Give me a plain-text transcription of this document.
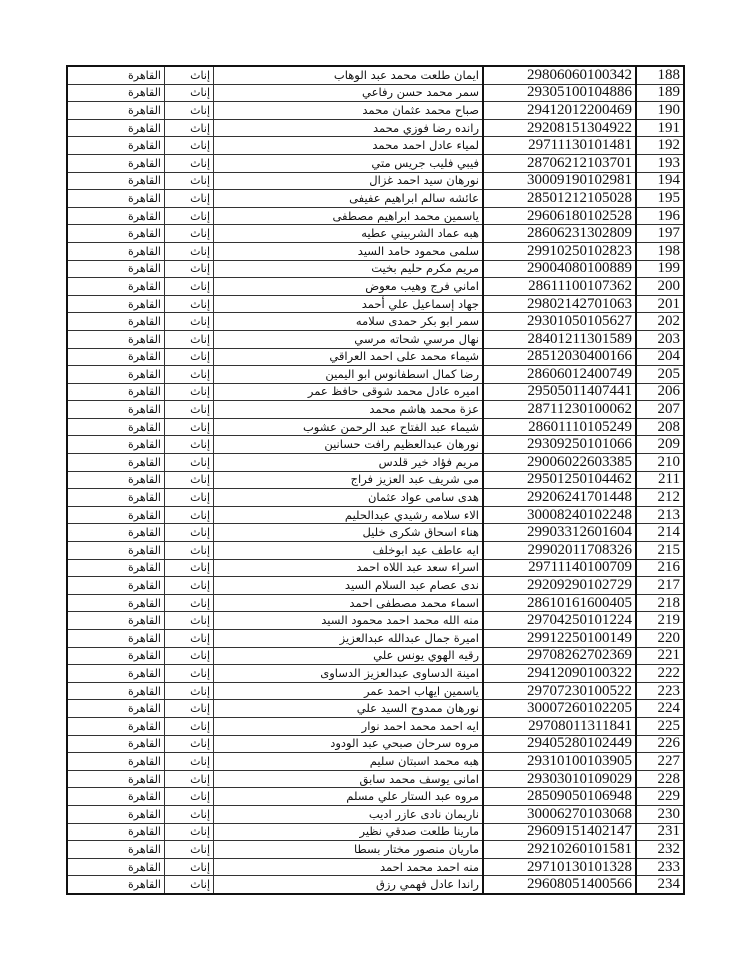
القاهرة	إناث	ايمان طلعت محمد عبد الوهاب	29806060100342	188
القاهرة	إناث	سمر محمد حسن رفاعي	29305100104886	189
القاهرة	إناث	صباح محمد عثمان محمد	29412012200469	190
القاهرة	إناث	رانده رضا فوزي محمد	29208151304922	191
القاهرة	إناث	لمياء عادل احمد محمد	29711130101481	192
القاهرة	إناث	فيبي فليب جريس متي	28706212103701	193
القاهرة	إناث	نورهان سيد احمد غزال	30009190102981	194
القاهرة	إناث	عائشه سالم ابراهيم عفيفى	28501212105028	195
القاهرة	إناث	ياسمين محمد ابراهيم مصطفى	29606180102528	196
القاهرة	إناث	هبه عماد الشربيني عطيه	28606231302809	197
القاهرة	إناث	سلمى محمود حامد السيد	29910250102823	198
القاهرة	إناث	مريم مكرم حليم بخيت	29004080100889	199
القاهرة	إناث	اماني فرج وهيب معوض	28611100107362	200
القاهرة	إناث	جهاد إسماعيل علي أحمد	29802142701063	201
القاهرة	إناث	سمر ابو بكر حمدى سلامه	29301050105627	202
القاهرة	إناث	نهال مرسي شحاته مرسي	28401211301589	203
القاهرة	إناث	شيماء محمد على احمد العراقي	28512030400166	204
القاهرة	إناث	رضا كمال اسطفانوس ابو اليمين	28606012400749	205
القاهرة	إناث	اميره عادل محمد شوقى حافظ عمر	29505011407441	206
القاهرة	إناث	عزة محمد هاشم محمد	28711230100062	207
القاهرة	إناث	شيماء عبد الفتاح عبد الرحمن عشوب	28601110105249	208
القاهرة	إناث	نورهان عبدالعظيم رافت حسانين	29309250101066	209
القاهرة	إناث	مريم فؤاد خير قلدس	29006022603385	210
القاهرة	إناث	مى شريف عبد العزيز فراج	29501250104462	211
القاهرة	إناث	هدى سامى عواد عثمان	29206241701448	212
القاهرة	إناث	الاء سلامه رشيدي عبدالحليم	30008240102248	213
القاهرة	إناث	هناء اسحاق شكرى خليل	29903312601604	214
القاهرة	إناث	ايه عاطف عيد ابوخلف	29902011708326	215
القاهرة	إناث	اسراء سعد عبد اللاه احمد	29711140100709	216
القاهرة	إناث	ندى عصام عبد السلام السيد	29209290102729	217
القاهرة	إناث	اسماء محمد مصطفى احمد	28610161600405	218
القاهرة	إناث	منه الله محمد احمد محمود السيد	29704250101224	219
القاهرة	إناث	اميرة جمال عبدالله عبدالعزيز	29912250100149	220
القاهرة	إناث	رقيه الهوي يونس علي	29708262702369	221
القاهرة	إناث	امينة الدساوى عبدالعزيز الدساوى	29412090100322	222
القاهرة	إناث	ياسمين ايهاب احمد عمر	29707230100522	223
القاهرة	إناث	نورهان ممدوح السيد علي	30007260102205	224
القاهرة	إناث	ايه احمد محمد احمد نوار	29708011311841	225
القاهرة	إناث	مروه سرحان صبحي عبد الودود	29405280102449	226
القاهرة	إناث	هبه محمد اسبتان سليم	29310100103905	227
القاهرة	إناث	امانى يوسف محمد سابق	29303010109029	228
القاهرة	إناث	مروه عبد الستار علي مسلم	28509050106948	229
القاهرة	إناث	ناريمان نادى عازر اديب	30006270103068	230
القاهرة	إناث	مارينا طلعت صدقي نظير	29609151402147	231
القاهرة	إناث	ماريان منصور مختار بسطا	29210260101581	232
القاهرة	إناث	منه احمد محمد احمد	29710130101328	233
القاهرة	إناث	راندا عادل فهمي رزق	29608051400566	234
